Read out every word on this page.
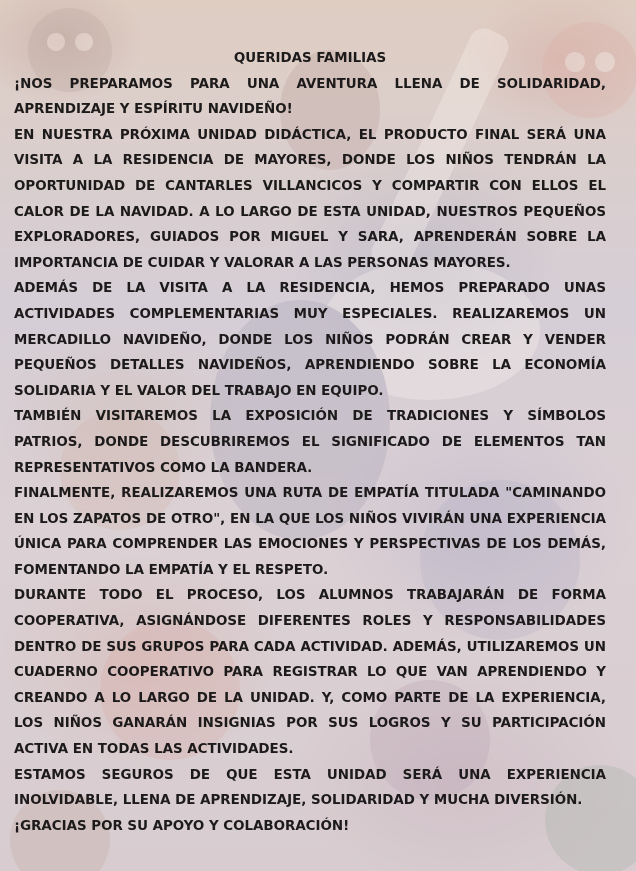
QUERIDAS FAMILIAS

¡NOS PREPARAMOS PARA UNA AVENTURA LLENA DE SOLIDARIDAD, APRENDIZAJE Y ESPÍRITU NAVIDEÑO!

EN NUESTRA PRÓXIMA UNIDAD DIDÁCTICA, EL PRODUCTO FINAL SERÁ UNA VISITA A LA RESIDENCIA DE MAYORES, DONDE LOS NIÑOS TENDRÁN LA OPORTUNIDAD DE CANTARLES VILLANCICOS Y COMPARTIR CON ELLOS EL CALOR DE LA NAVIDAD. A LO LARGO DE ESTA UNIDAD, NUESTROS PEQUEÑOS EXPLORADORES, GUIADOS POR MIGUEL Y SARA, APRENDERÁN SOBRE LA IMPORTANCIA DE CUIDAR Y VALORAR A LAS PERSONAS MAYORES.

ADEMÁS DE LA VISITA A LA RESIDENCIA, HEMOS PREPARADO UNAS ACTIVIDADES COMPLEMENTARIAS MUY ESPECIALES. REALIZAREMOS UN MERCADILLO NAVIDEÑO, DONDE LOS NIÑOS PODRÁN CREAR Y VENDER PEQUEÑOS DETALLES NAVIDEÑOS, APRENDIENDO SOBRE LA ECONOMÍA SOLIDARIA Y EL VALOR DEL TRABAJO EN EQUIPO.

TAMBIÉN VISITAREMOS LA EXPOSICIÓN DE TRADICIONES Y SÍMBOLOS PATRIOS, DONDE DESCUBRIREMOS EL SIGNIFICADO DE ELEMENTOS TAN REPRESENTATIVOS COMO LA BANDERA.

FINALMENTE, REALIZAREMOS UNA RUTA DE EMPATÍA TITULADA "CAMINANDO EN LOS ZAPATOS DE OTRO", EN LA QUE LOS NIÑOS VIVIRÁN UNA EXPERIENCIA ÚNICA PARA COMPRENDER LAS EMOCIONES Y PERSPECTIVAS DE LOS DEMÁS, FOMENTANDO LA EMPATÍA Y EL RESPETO.

DURANTE TODO EL PROCESO, LOS ALUMNOS TRABAJARÁN DE FORMA COOPERATIVA, ASIGNÁNDOSE DIFERENTES ROLES Y RESPONSABILIDADES DENTRO DE SUS GRUPOS PARA CADA ACTIVIDAD. ADEMÁS, UTILIZAREMOS UN CUADERNO COOPERATIVO PARA REGISTRAR LO QUE VAN APRENDIENDO Y CREANDO A LO LARGO DE LA UNIDAD. Y, COMO PARTE DE LA EXPERIENCIA, LOS NIÑOS GANARÁN INSIGNIAS POR SUS LOGROS Y SU PARTICIPACIÓN ACTIVA EN TODAS LAS ACTIVIDADES.

ESTAMOS SEGUROS DE QUE ESTA UNIDAD SERÁ UNA EXPERIENCIA INOLVIDABLE, LLENA DE APRENDIZAJE, SOLIDARIDAD Y MUCHA DIVERSIÓN.

¡GRACIAS POR SU APOYO Y COLABORACIÓN!
